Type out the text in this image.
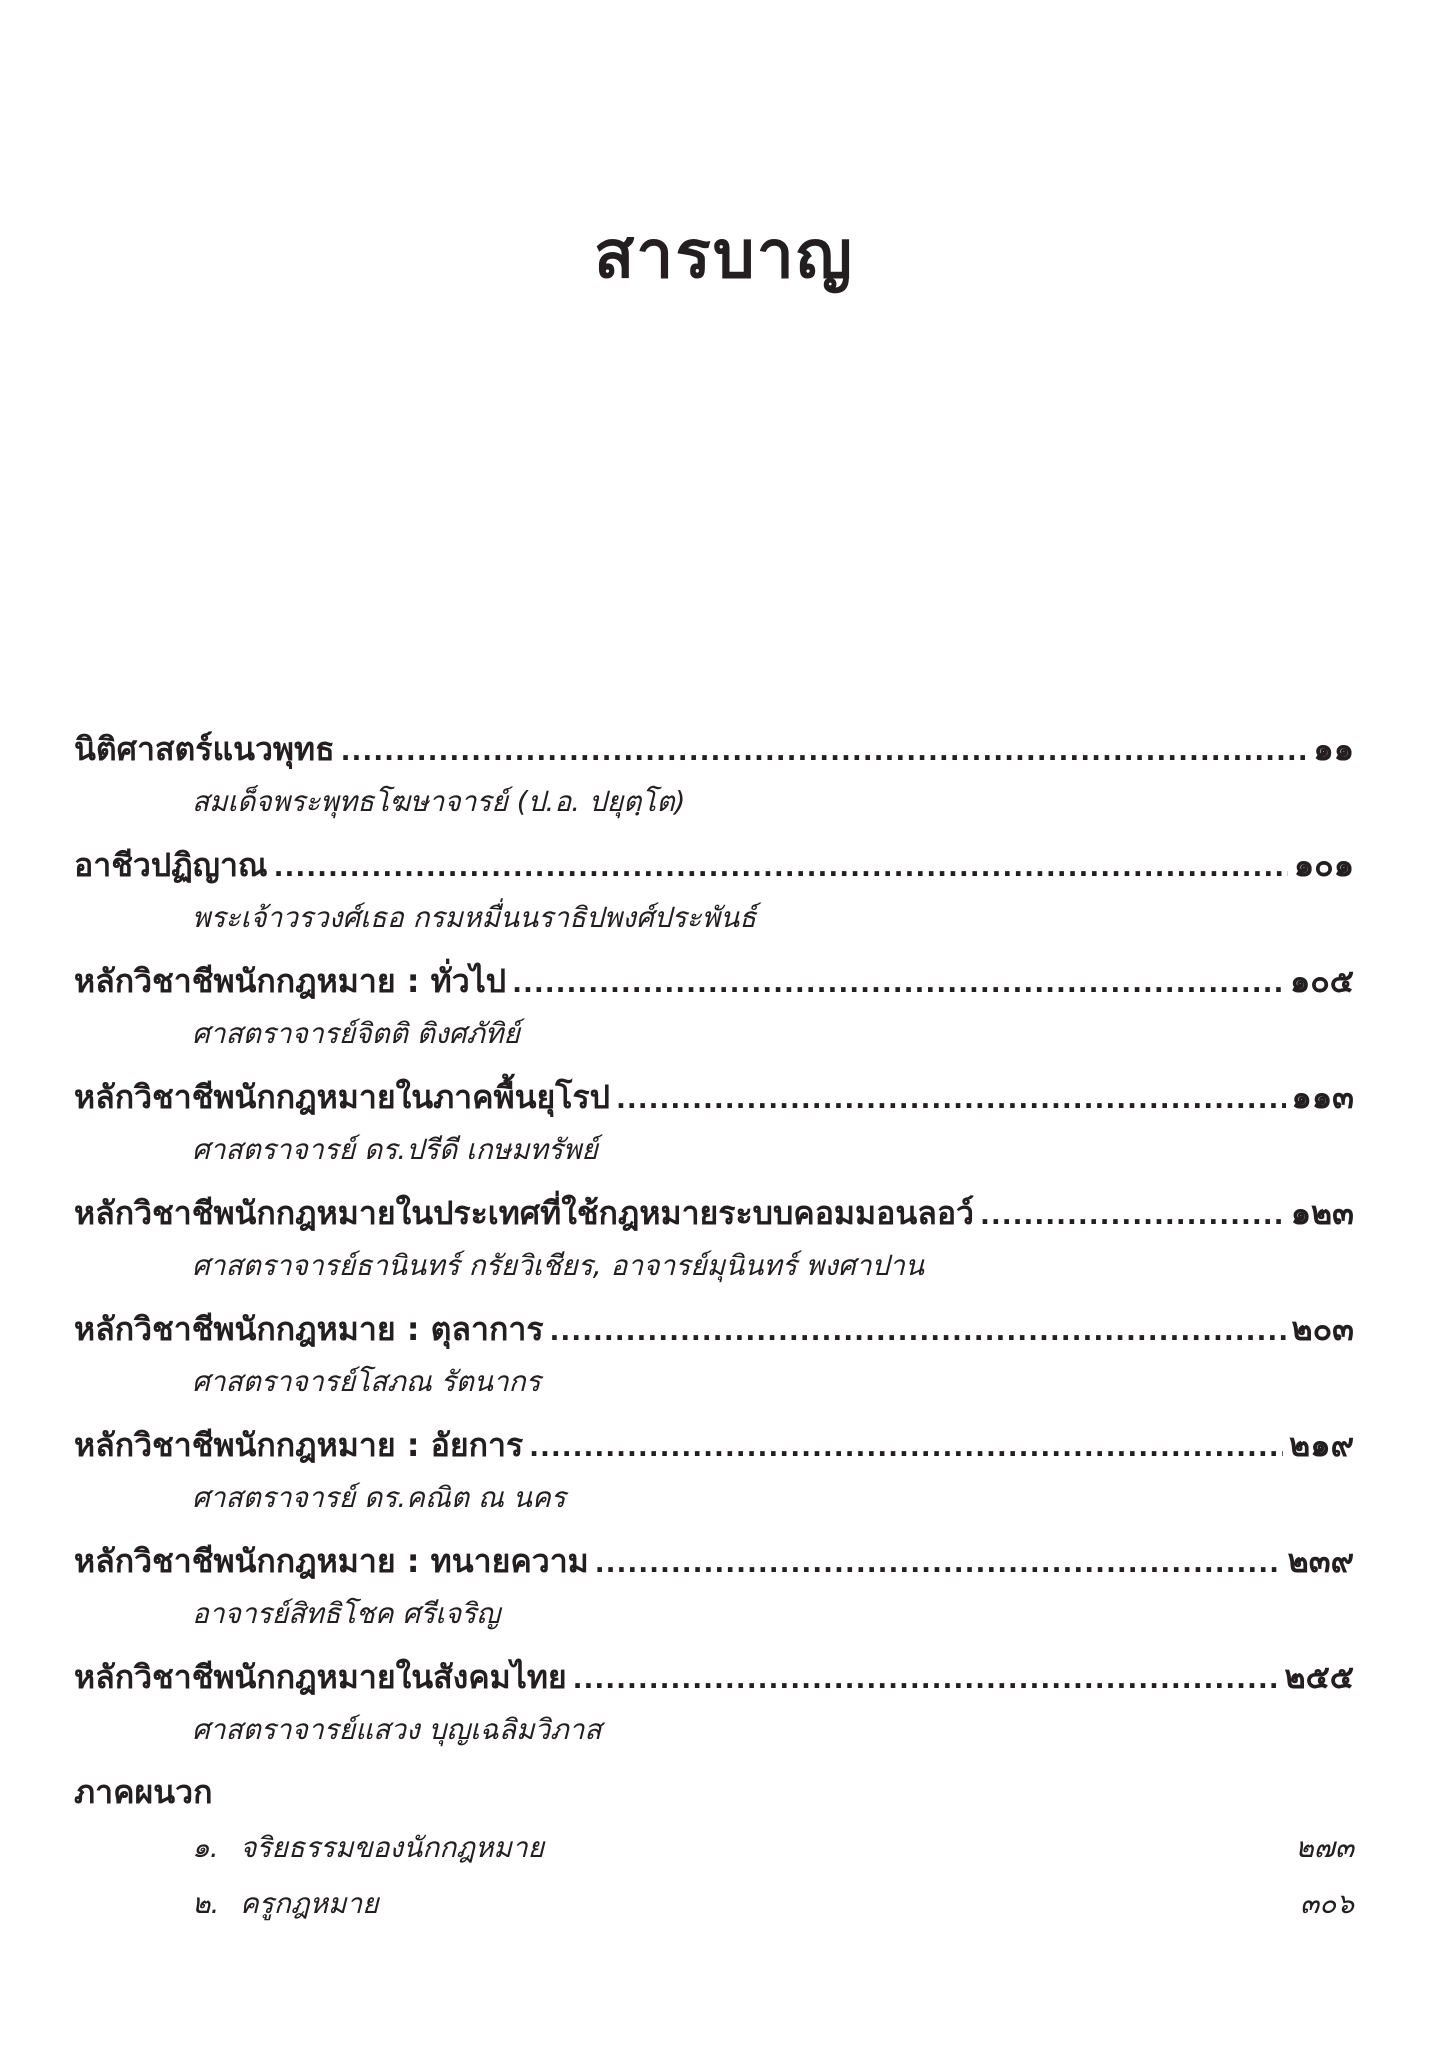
สารบาญ
นิติศาสตร์แนวพุทธ .....	๑๑
สมเด็จพระพุทธโฆษาจารย์ (ป.อ. ปยุตฺโต)
อาชีวปฏิญาณ .....	๑๐๑
พระเจ้าวรวงศ์เธอ กรมหมื่นนราธิปพงศ์ประพันธ์
หลักวิชาชีพนักกฎหมาย : ทั่วไป .....	๑๐๕
ศาสตราจารย์จิตติ ติงศภัทิย์
หลักวิชาชีพนักกฎหมายในภาคพื้นยุโรป .....	๑๑๓
ศาสตราจารย์ ดร.ปรีดี เกษมทรัพย์
หลักวิชาชีพนักกฎหมายในประเทศที่ใช้กฎหมายระบบคอมมอนลอว์ .....	๑๒๓
ศาสตราจารย์ธานินทร์ กรัยวิเชียร, อาจารย์มุนินทร์ พงศาปาน
หลักวิชาชีพนักกฎหมาย : ตุลาการ .....	๒๐๓
ศาสตราจารย์โสภณ รัตนากร
หลักวิชาชีพนักกฎหมาย : อัยการ .....	๒๑๙
ศาสตราจารย์ ดร.คณิต ณ นคร
หลักวิชาชีพนักกฎหมาย : ทนายความ .....	๒๓๙
อาจารย์สิทธิโชค ศรีเจริญ
หลักวิชาชีพนักกฎหมายในสังคมไทย .....	๒๕๕
ศาสตราจารย์แสวง บุญเฉลิมวิภาส
ภาคผนวก
๑. จริยธรรมของนักกฎหมาย	๒๗๓
๒. ครูกฎหมาย	๓๐๖
